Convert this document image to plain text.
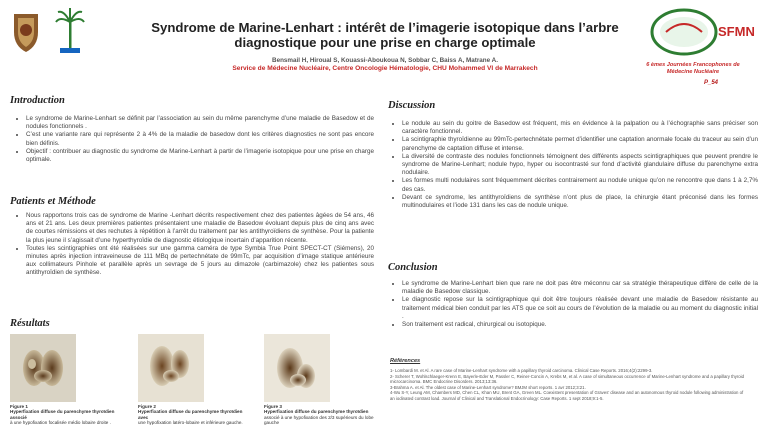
SFMN
Syndrome de Marine-Lenhart : intérêt de l’imagerie isotopique dans l’arbre
diagnostique pour une prise en charge optimale
Bensmail H, Hiroual S, Kouassi-Aboukoua N, Sobbar C, Baiss A, Matrane A.
Service de Médecine Nucléaire, Centre Oncologie Hématologie, CHU Mohammed VI de Marrakech	6 èmes Journées Francophones de
Médecine Nucléaire
P_54
Introduction
• Le syndrome de Marine-Lenhart se définit par l’association au sein du même parenchyme d’une maladie de Basedow et de nodules fonctionnels .
• C’est une variante rare qui représente 2 à 4% de la maladie de basedow dont les critères diagnostics ne sont pas encore bien définis.
• Objectif : contribuer au diagnostic du syndrome de Marine-Lenhart à partir de l’imagerie isotopique pour une prise en charge optimale.
Patients et Méthode
• Nous rapportons trois cas de syndrome de Marine -Lenhart décrits respectivement chez des patientes âgées de 54 ans, 46 ans et 21 ans. Les deux premières patientes présentaient une maladie de Basedow évoluant depuis plus de cinq ans avec de courtes rémissions et des rechutes à répétition à l’arrêt du traitement par les antithyroïdiens de synthèse. Pour la patiente la plus jeune il s’agissait d’une hyperthyroïdie de diagnostic étiologique incertain d’apparition récente.
• Toutes les scintigraphies ont été réalisées sur une gamma caméra de type Symbia True Point SPECT-CT (Siémens), 20 minutes après injection intraveineuse de 111 MBq de pertechnétate de 99mTc, par acquisition d’image statique antérieure aux collimateurs Pinhole et parallèle après un sevrage de 5 jours au dimazole (carbimazole) chez les patientes sous antithyroïdien de synthèse.
Résultats
Figure 1
Hyperfixation diffuse du parenchyme thyroïdien associé
à une hypofixation focalisée médio lobaire droite .
Figure 2
Hyperfixation diffuse du parenchyme thyroïdien avec
une hypofixation latéro-lobaire et inférieure gauche.
Figure 3
Hyperfixation diffuse du parenchyme thyroïdien
associé à une hypofixation des 2/3 supérieurs du lobe gauche
Discussion
• Le nodule au sein du goitre de Basedow est fréquent, mis en évidence à la palpation ou à l’échographie sans préciser son caractère fonctionnel.
• La scintigraphie thyroïdienne au 99mTc-pertechnétate permet d’identifier une captation anormale focale du traceur au sein d’un parenchyme de captation diffuse et intense.
• La diversité de contraste des nodules fonctionnels témoignent des différents aspects scintigraphiques que peuvent prendre le syndrome de Marine-Lenhart; nodule hypo, hyper ou isocontrasté sur fond d’activité glandulaire diffuse du parenchyme extra nodulaire.
• Les formes multi nodulaires sont fréquemment décrites contrairement au nodule unique qu’on ne rencontre que dans 1 à 2,7% des cas.
• Devant ce syndrome, les antithyroïdiens de synthèse n’ont plus de place, la chirurgie étant préconisé dans les formes multinodulaires et l’iode 131 dans les cas de nodule unique.
Conclusion
• Le syndrome de Marine-Lenhart bien que rare ne doit pas être méconnu car sa stratégie thérapeutique diffère de celle de la maladie de Basedow classique.
• Le diagnostic repose sur la scintigraphique qui doit être toujours réalisée devant une maladie de Basedow résistante au traitement médical bien conduit par les ATS que ce soit au cours de l’évolution de la maladie ou au moment du diagnostic initial .
• Son traitement est radical, chirurgical ou isotopique.
Références
1- Lombardi M. et Al. A rare case of Marine-Lenhart syndrome with a papillary thyroid carcinoma. Clinical Case Reports. 2016;4(2):2299-3.
2- Scherer T, Wohlschlaeger-Krenn E, Bayerle-Eder M, Passler C, Reiner-Concin A, Krebs M, et al. A case of simultaneous occurrence of Marine-Lenhart syndrome and a papillary thyroid microcarcinoma. BMC Endocrine Disorders. 2013;13:36.
3-Brahma A. et Al. The oldest case of Marine-Lenhart syndrome? BMJM short reports. 1 avr 2012;3:21.
4-Wu S-Y, Leung AM, Chambers MD, Chen CL, Khan MU, Brent GA, Green ML. Coexistent presentation of Graves’ disease and an autonomous thyroid nodule following administration of an iodinated contrast load. Journal of Clinical and Translational Endocrinology: Case Reports. 1 sept 2018;9:1-5.
